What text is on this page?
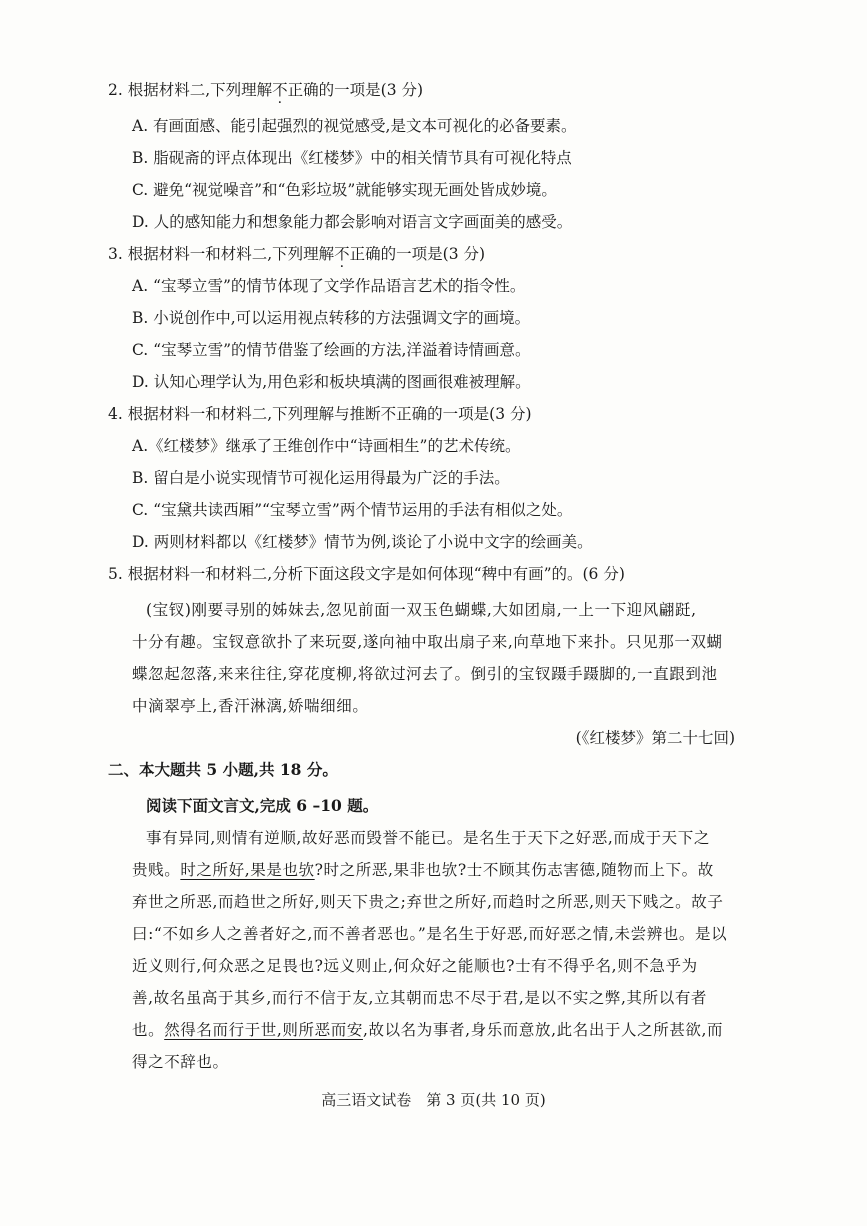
2. 根据材料二,下列理解不正确的一项是(3 分)
A. 有画面感、能引起强烈的视觉感受,是文本可视化的必备要素。
B. 脂砚斋的评点体现出《红楼梦》中的相关情节具有可视化特点
C. 避免“视觉噪音”和“色彩垃圾”就能够实现无画处皆成妙境。
D. 人的感知能力和想象能力都会影响对语言文字画面美的感受。
3. 根据材料一和材料二,下列理解不正确的一项是(3 分)
A. “宝琴立雪”的情节体现了文学作品语言艺术的指令性。
B. 小说创作中,可以运用视点转移的方法强调文字的画境。
C. “宝琴立雪”的情节借鉴了绘画的方法,洋溢着诗情画意。
D. 认知心理学认为,用色彩和板块填满的图画很难被理解。
4. 根据材料一和材料二,下列理解与推断不正确的一项是(3 分)
A.《红楼梦》继承了王维创作中“诗画相生”的艺术传统。
B. 留白是小说实现情节可视化运用得最为广泛的手法。
C. “宝黛共读西厢”“宝琴立雪”两个情节运用的手法有相似之处。
D. 两则材料都以《红楼梦》情节为例,谈论了小说中文字的绘画美。
5. 根据材料一和材料二,分析下面这段文字是如何体现“稗中有画”的。(6 分)
(宝钗)刚要寻别的姊妹去,忽见前面一双玉色蝴蝶,大如团扇,一上一下迎风翩跹,
十分有趣。宝钗意欲扑了来玩耍,遂向袖中取出扇子来,向草地下来扑。只见那一双蝴
蝶忽起忽落,来来往往,穿花度柳,将欲过河去了。倒引的宝钗蹑手蹑脚的,一直跟到池
中滴翠亭上,香汗淋漓,娇喘细细。
(《红楼梦》第二十七回)
二、本大题共 5 小题,共 18 分。
阅读下面文言文,完成 6 –10 题。
事有异同,则情有逆顺,故好恶而毁誉不能已。是名生于天下之好恶,而成于天下之
贵贱。时之所好,果是也欤?时之所恶,果非也欤?士不顾其伤志害德,随物而上下。故
弃世之所恶,而趋世之所好,则天下贵之;弃世之所好,而趋时之所恶,则天下贱之。故子
曰:“不如乡人之善者好之,而不善者恶也。”是名生于好恶,而好恶之情,未尝辨也。是以
近义则行,何众恶之足畏也?远义则止,何众好之能顺也?士有不得乎名,则不急乎为
善,故名虽高于其乡,而行不信于友,立其朝而忠不尽于君,是以不实之弊,其所以有者
也。然得名而行于世,则所恶而安,故以名为事者,身乐而意放,此名出于人之所甚欲,而
得之不辞也。
高三语文试卷　第 3 页(共 10 页)
